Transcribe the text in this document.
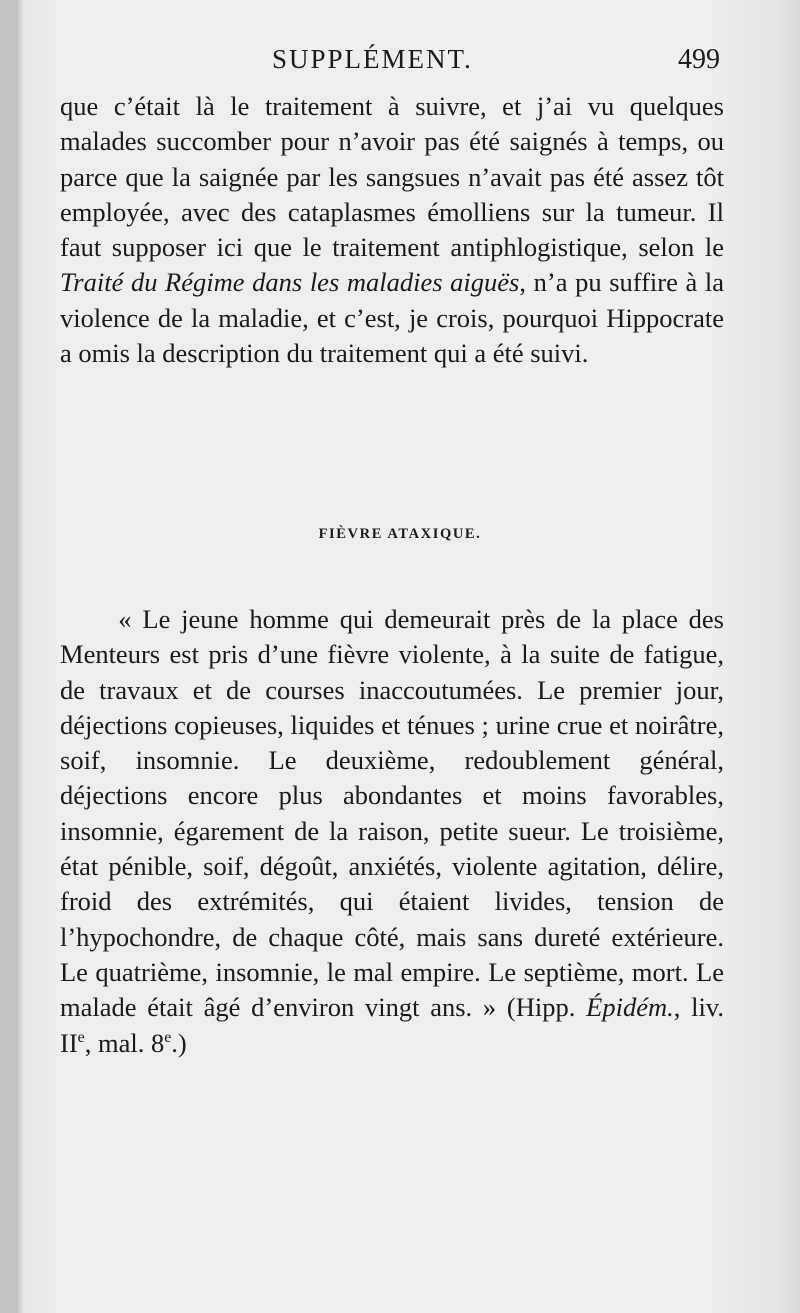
SUPPLÉMENT.	499

que c’était là le traitement à suivre, et j’ai vu quelques malades succomber pour n’avoir pas été saignés à temps, ou parce que la saignée par les sangsues n’avait pas été assez tôt employée, avec des cataplasmes émolliens sur la tumeur. Il faut supposer ici que le traitement antiphlogistique, selon le Traité du Régime dans les maladies aiguës, n’a pu suffire à la violence de la maladie, et c’est, je crois, pourquoi Hippocrate a omis la description du traitement qui a été suivi.

FIÈVRE ATAXIQUE.

« Le jeune homme qui demeurait près de la place des Menteurs est pris d’une fièvre violente, à la suite de fatigue, de travaux et de courses inaccoutumées. Le premier jour, déjections copieuses, liquides et ténues ; urine crue et noirâtre, soif, insomnie. Le deuxième, redoublement général, déjections encore plus abondantes et moins favorables, insomnie, égarement de la raison, petite sueur. Le troisième, état pénible, soif, dégoût, anxiétés, violente agitation, délire, froid des extrémités, qui étaient livides, tension de l’hypochondre, de chaque côté, mais sans dureté extérieure. Le quatrième, insomnie, le mal empire. Le septième, mort. Le malade était âgé d’environ vingt ans. » (Hipp. Épidém., liv. IIe, mal. 8e.)
